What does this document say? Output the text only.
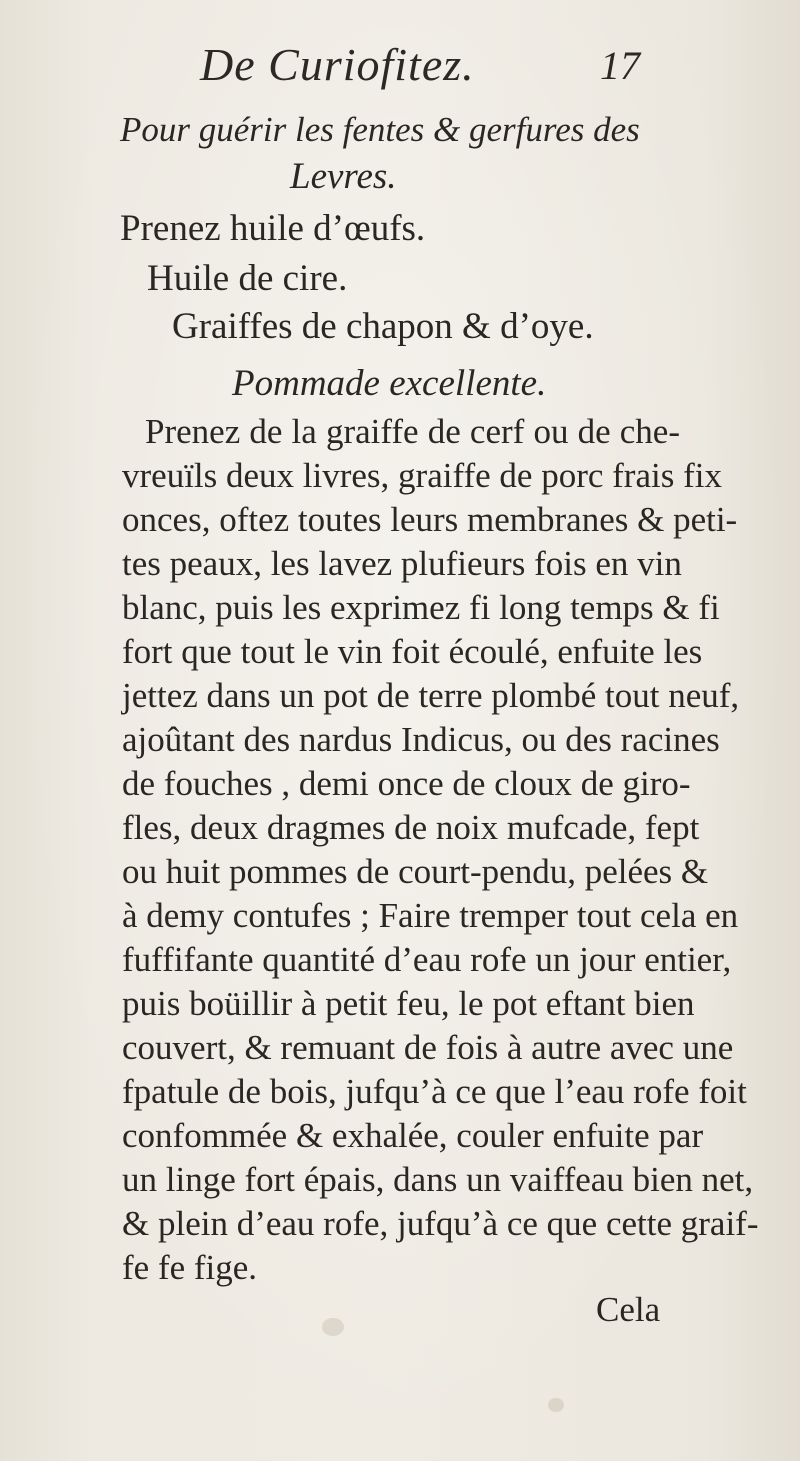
De Curiofitez.	17
Pour guérir les fentes & gerfures des
Levres.
Prenez huile d’œufs.
Huile de cire.
Graiffes de chapon & d’oye.
Pommade excellente.
Prenez de la graiffe de cerf ou de che-
vreuïls deux livres, graiffe de porc frais fix
onces, oftez toutes leurs membranes & peti-
tes peaux, les lavez plufieurs fois en vin
blanc, puis les exprimez fi long temps & fi
fort que tout le vin foit écoulé, enfuite les
jettez dans un pot de terre plombé tout neuf,
ajoûtant des nardus Indicus, ou des racines
de fouches , demi once de cloux de giro-
fles, deux dragmes de noix mufcade, fept
ou huit pommes de court-pendu, pelées &
à demy contufes ; Faire tremper tout cela en
fuffifante quantité d’eau rofe un jour entier,
puis boüillir à petit feu, le pot eftant bien
couvert, & remuant de fois à autre avec une
fpatule de bois, jufqu’à ce que l’eau rofe foit
confommée & exhalée, couler enfuite par
un linge fort épais, dans un vaiffeau bien net,
& plein d’eau rofe, jufqu’à ce que cette graif-
fe fe fige.
Cela
